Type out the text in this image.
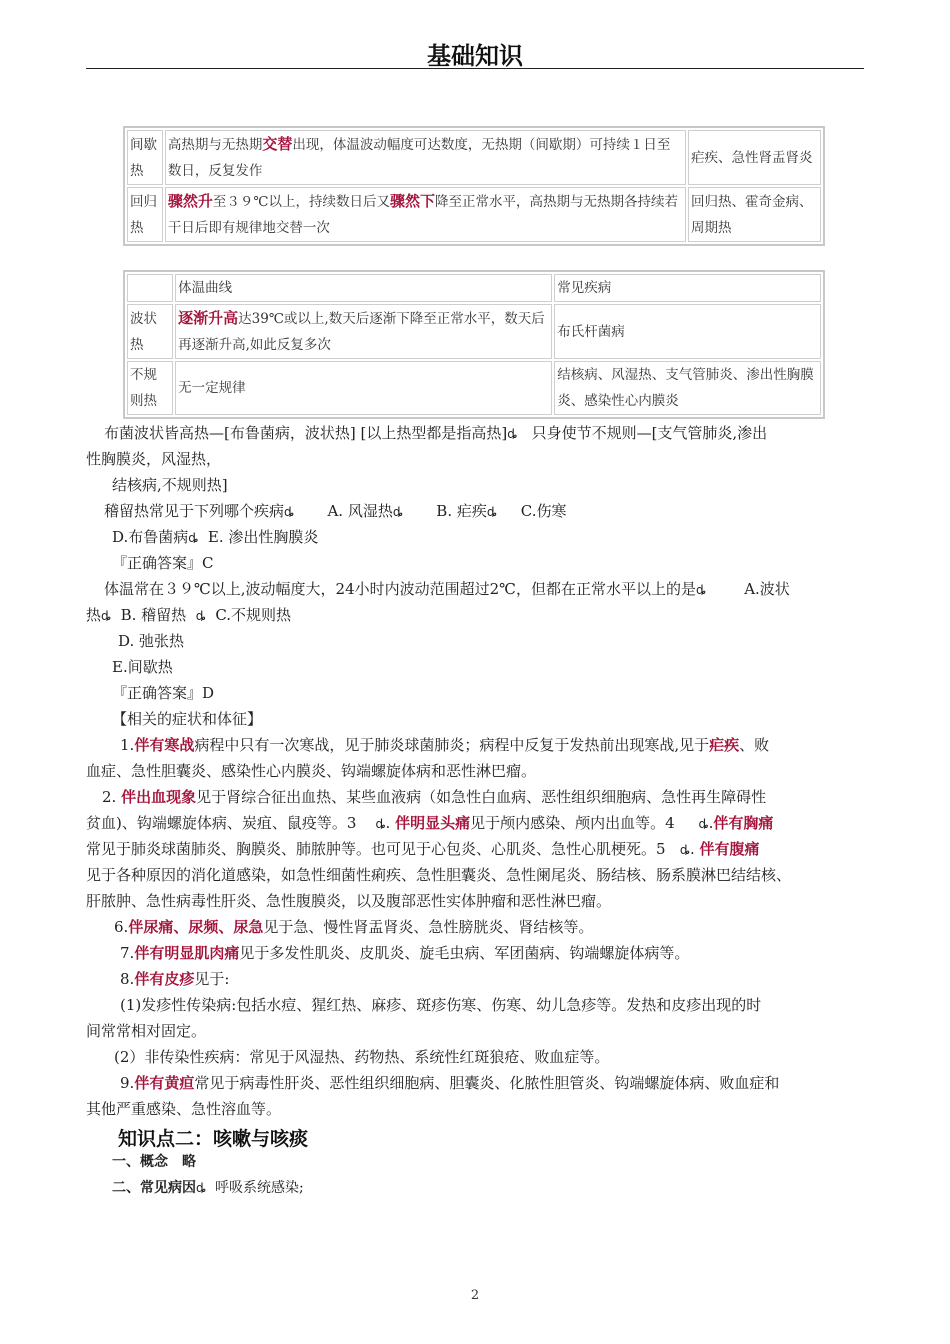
基础知识
间歇热	高热期与无热期交替出现，体温波动幅度可达数度，无热期（间歇期）可持续１日至数日，反复发作	疟疾、急性肾盂肾炎
回归热	骤然升至３９℃以上，持续数日后又骤然下降至正常水平，高热期与无热期各持续若干日后即有规律地交替一次	回归热、霍奇金病、周期热
	体温曲线	常见疾病
波状热	逐渐升高达39℃或以上,数天后逐渐下降至正常水平，数天后再逐渐升高,如此反复多次	布氏杆菌病
不规则热	无一定规律	结核病、风湿热、支气管肺炎、渗出性胸膜炎、感染性心内膜炎
布菌波状皆高热—[布鲁菌病，波状热] [以上热型都是指高热]ȡ 只身使节不规则—[支气管肺炎,渗出
性胸膜炎，风湿热，
结核病,不规则热]
稽留热常见于下列哪个疾病ȡ A. 风湿热ȡ B. 疟疾ȡ C.伤寒
D.布鲁菌病ȡ E. 渗出性胸膜炎
『正确答案』C
体温常在３９℃以上,波动幅度大，24小时内波动范围超过2℃，但都在正常水平以上的是ȡ	A.波状
热ȡ B. 稽留热 ȡ C.不规则热
D. 弛张热
E.间歇热
『正确答案』D
【相关的症状和体征】
1.伴有寒战病程中只有一次寒战，见于肺炎球菌肺炎；病程中反复于发热前出现寒战,见于疟疾、败
血症、急性胆囊炎、感染性心内膜炎、钩端螺旋体病和恶性淋巴瘤。
2. 伴出血现象见于肾综合征出血热、某些血液病（如急性白血病、恶性组织细胞病、急性再生障碍性
贫血)、钩端螺旋体病、炭疽、鼠疫等。3 ȡ. 伴明显头痛见于颅内感染、颅内出血等。4 ȡ.伴有胸痛
常见于肺炎球菌肺炎、胸膜炎、肺脓肿等。也可见于心包炎、心肌炎、急性心肌梗死。5 ȡ. 伴有腹痛
见于各种原因的消化道感染，如急性细菌性痢疾、急性胆囊炎、急性阑尾炎、肠结核、肠系膜淋巴结结核、
肝脓肿、急性病毒性肝炎、急性腹膜炎，以及腹部恶性实体肿瘤和恶性淋巴瘤。
6.伴尿痛、尿频、尿急见于急、慢性肾盂肾炎、急性膀胱炎、肾结核等。
7.伴有明显肌肉痛见于多发性肌炎、皮肌炎、旋毛虫病、军团菌病、钩端螺旋体病等。
8.伴有皮疹见于:
(1)发疹性传染病:包括水痘、猩红热、麻疹、斑疹伤寒、伤寒、幼儿急疹等。发热和皮疹出现的时
间常常相对固定。
(2）非传染性疾病：常见于风湿热、药物热、系统性红斑狼疮、败血症等。
9.伴有黄疸常见于病毒性肝炎、恶性组织细胞病、胆囊炎、化脓性胆管炎、钩端螺旋体病、败血症和
其他严重感染、急性溶血等。
知识点二：咳嗽与咳痰
一、概念　略
二、常见病因ȡ 呼吸系统感染;
2
